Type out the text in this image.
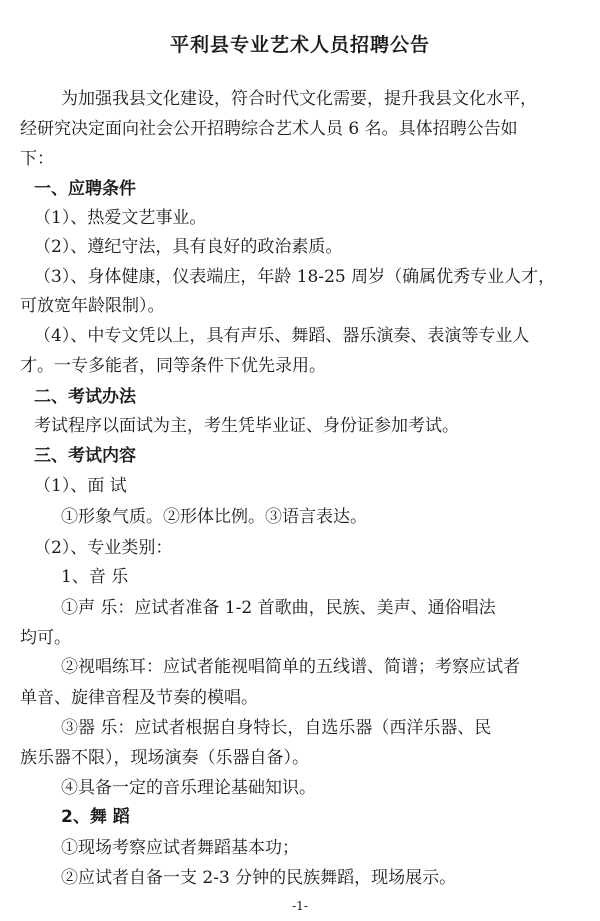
平利县专业艺术人员招聘公告
为加强我县文化建设，符合时代文化需要，提升我县文化水平，
经研究决定面向社会公开招聘综合艺术人员 6 名。具体招聘公告如
下：
一、应聘条件
（1）、热爱文艺事业。
（2）、遵纪守法，具有良好的政治素质。
（3）、身体健康，仪表端庄，年龄 18-25 周岁（确属优秀专业人才，
可放宽年龄限制）。
（4）、中专文凭以上，具有声乐、舞蹈、器乐演奏、表演等专业人
才。一专多能者，同等条件下优先录用。
二、考试办法
考试程序以面试为主，考生凭毕业证、身份证参加考试。
三、考试内容
（1）、面 试
①形象气质。②形体比例。③语言表达。
（2）、专业类别：
1、音 乐
①声 乐：应试者准备 1-2 首歌曲，民族、美声、通俗唱法
均可。
②视唱练耳：应试者能视唱简单的五线谱、简谱；考察应试者
单音、旋律音程及节奏的模唱。
③器 乐：应试者根据自身特长，自选乐器（西洋乐器、民
族乐器不限），现场演奏（乐器自备）。
④具备一定的音乐理论基础知识。
2、舞 蹈
①现场考察应试者舞蹈基本功；
②应试者自备一支 2-3 分钟的民族舞蹈，现场展示。
-1-
